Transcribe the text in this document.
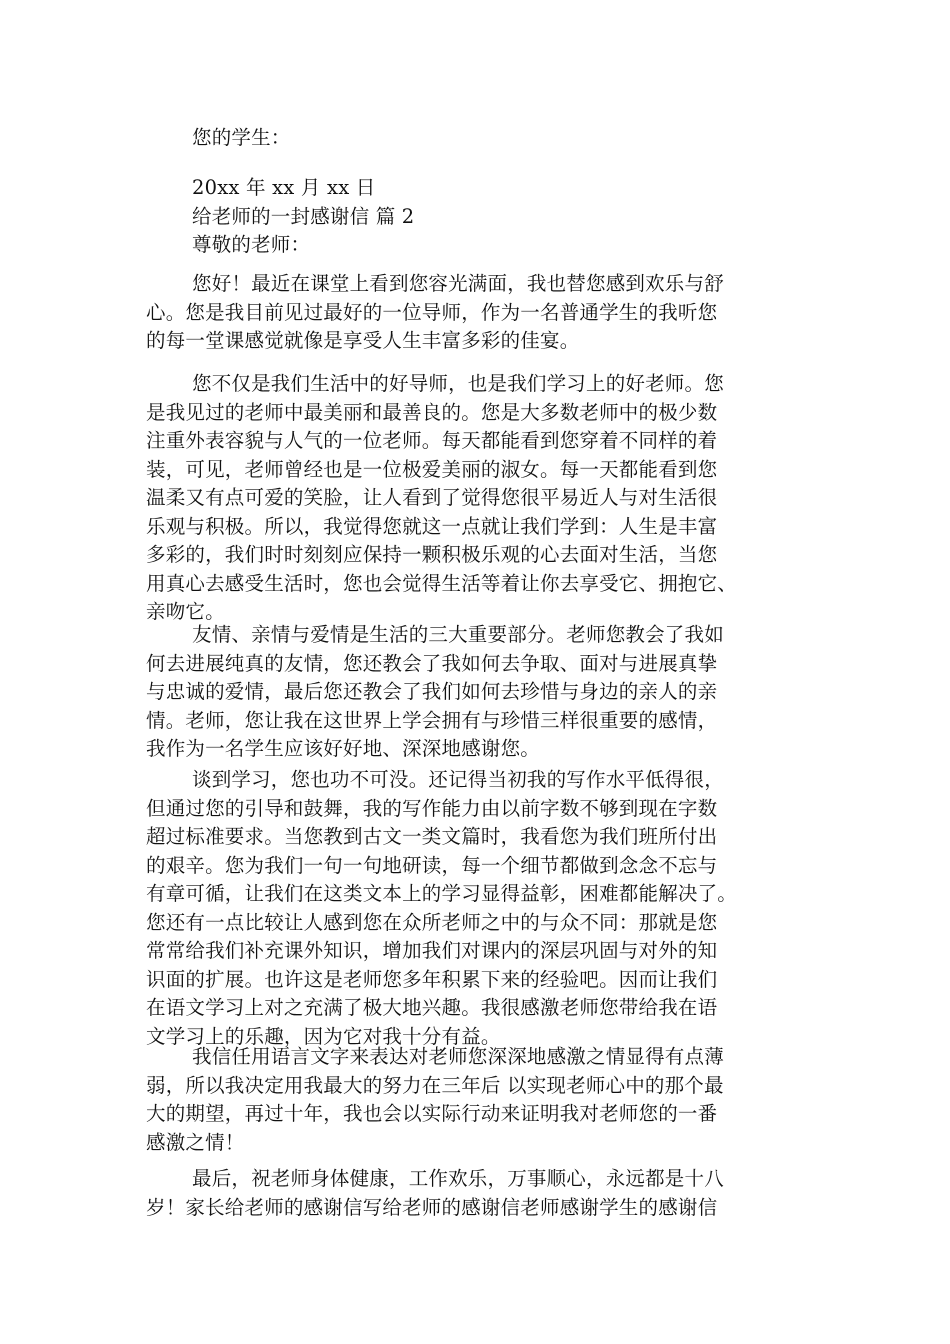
您的学生：
20xx 年 xx 月 xx 日
给老师的一封感谢信 篇 2
尊敬的老师：
您好！最近在课堂上看到您容光满面，我也替您感到欢乐与舒
心。您是我目前见过最好的一位导师，作为一名普通学生的我听您
的每一堂课感觉就像是享受人生丰富多彩的佳宴。
您不仅是我们生活中的好导师，也是我们学习上的好老师。您
是我见过的老师中最美丽和最善良的。您是大多数老师中的极少数
注重外表容貌与人气的一位老师。每天都能看到您穿着不同样的着
装，可见，老师曾经也是一位极爱美丽的淑女。每一天都能看到您
温柔又有点可爱的笑脸，让人看到了觉得您很平易近人与对生活很
乐观与积极。所以，我觉得您就这一点就让我们学到：人生是丰富
多彩的，我们时时刻刻应保持一颗积极乐观的心去面对生活，当您
用真心去感受生活时，您也会觉得生活等着让你去享受它、拥抱它、
亲吻它。
友情、亲情与爱情是生活的三大重要部分。老师您教会了我如
何去进展纯真的友情，您还教会了我如何去争取、面对与进展真挚
与忠诚的爱情，最后您还教会了我们如何去珍惜与身边的亲人的亲
情。老师，您让我在这世界上学会拥有与珍惜三样很重要的感情，
我作为一名学生应该好好地、深深地感谢您。
谈到学习，您也功不可没。还记得当初我的写作水平低得很，
但通过您的引导和鼓舞，我的写作能力由以前字数不够到现在字数
超过标准要求。当您教到古文一类文篇时，我看您为我们班所付出
的艰辛。您为我们一句一句地研读，每一个细节都做到念念不忘与
有章可循，让我们在这类文本上的学习显得益彰，困难都能解决了。
您还有一点比较让人感到您在众所老师之中的与众不同：那就是您
常常给我们补充课外知识，增加我们对课内的深层巩固与对外的知
识面的扩展。也许这是老师您多年积累下来的经验吧。因而让我们
在语文学习上对之充满了极大地兴趣。我很感激老师您带给我在语
文学习上的乐趣，因为它对我十分有益。
我信任用语言文字来表达对老师您深深地感激之情显得有点薄
弱，所以我决定用我最大的努力在三年后 以实现老师心中的那个最
大的期望，再过十年，我也会以实际行动来证明我对老师您的一番
感激之情！
最后，祝老师身体健康，工作欢乐，万事顺心，永远都是十八
岁！家长给老师的感谢信写给老师的感谢信老师感谢学生的感谢信
